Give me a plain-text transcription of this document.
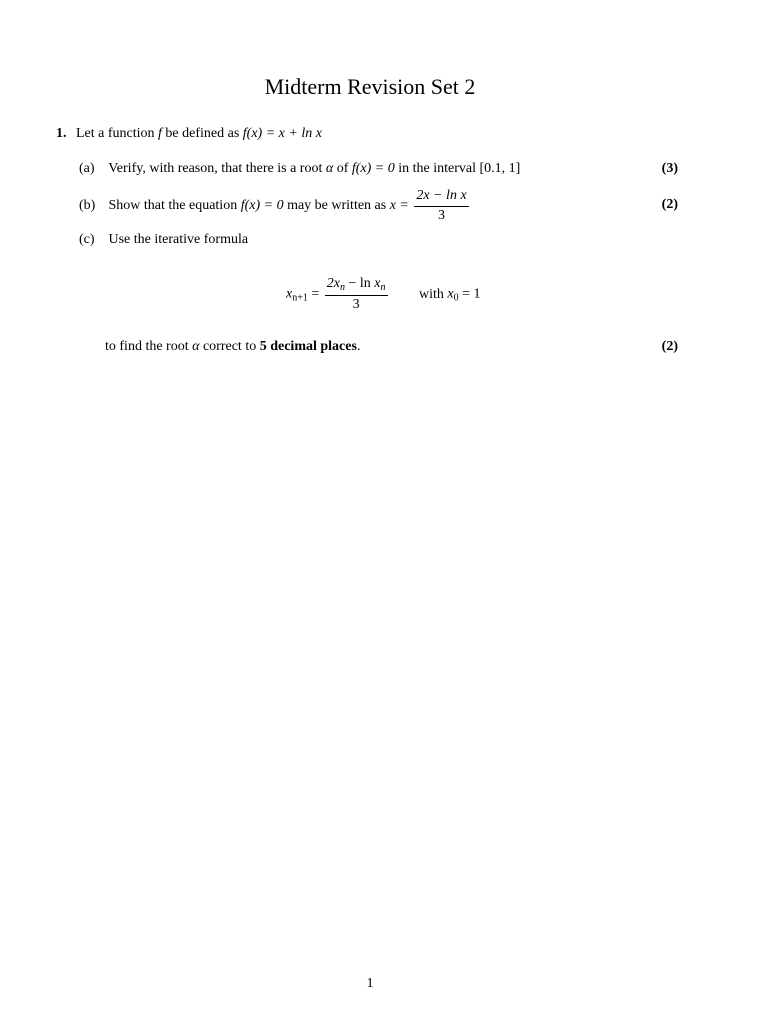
Midterm Revision Set 2
1. Let a function f be defined as f(x) = x + ln x
(a) Verify, with reason, that there is a root α of f(x) = 0 in the interval [0.1, 1]	(3)
(b) Show that the equation f(x) = 0 may be written as $x = \frac{\text{2x − ln x}}{3}$	(2)
(c) Use the iterative formula
$x_{n+1} = \frac{2x_n - \ln x_n}{3}$ with $x_0 = 1$
to find the root α correct to 5 decimal places.	(2)
1
